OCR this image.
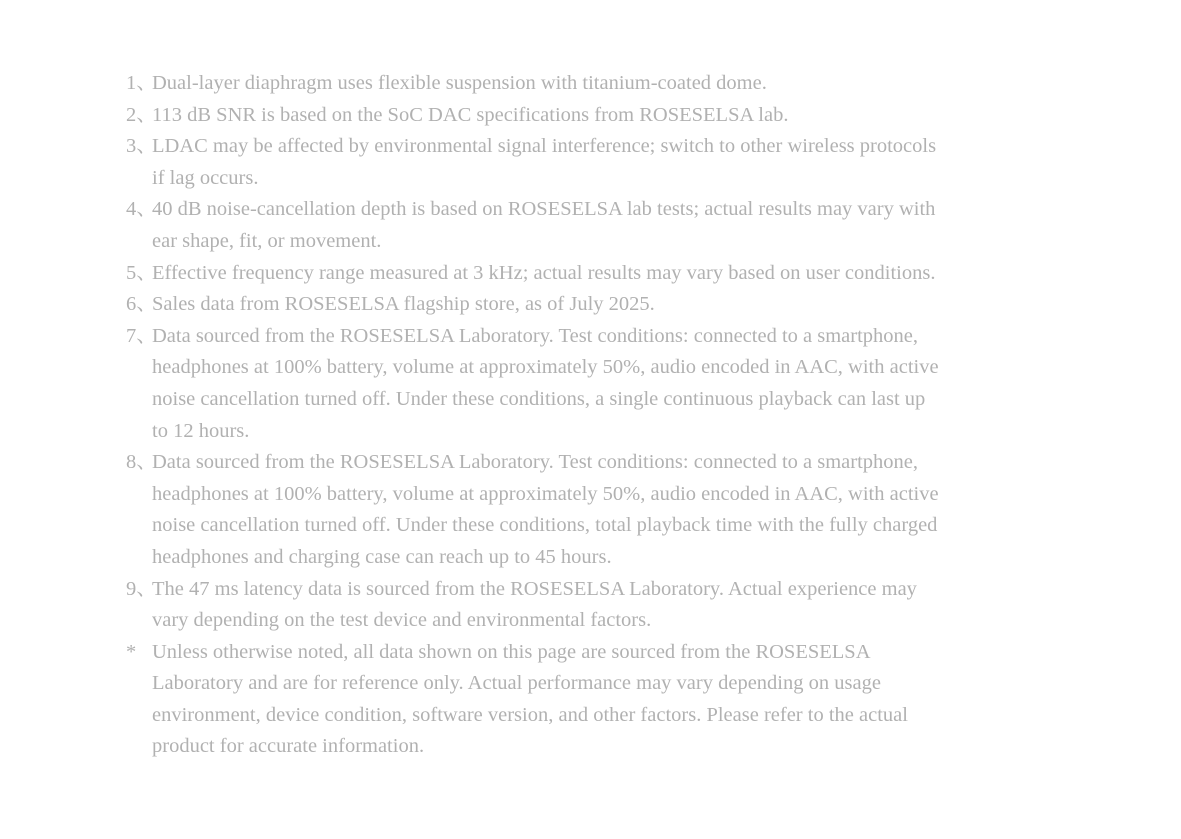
1、
Dual-layer diaphragm uses flexible suspension with titanium-coated dome.
2、
113 dB SNR is based on the SoC DAC specifications from ROSESELSA lab.
3、
LDAC may be affected by environmental signal interference; switch to other wireless protocols if lag occurs.
4、
40 dB noise-cancellation depth is based on ROSESELSA lab tests; actual results may vary with ear shape, fit, or movement.
5、
Effective frequency range measured at 3 kHz; actual results may vary based on user conditions.
6、
Sales data from ROSESELSA flagship store, as of July 2025.
7、
Data sourced from the ROSESELSA Laboratory. Test conditions: connected to a smartphone, headphones at 100% battery, volume at approximately 50%, audio encoded in AAC, with active noise cancellation turned off. Under these conditions, a single continuous playback can last up to 12 hours.
8、
Data sourced from the ROSESELSA Laboratory. Test conditions: connected to a smartphone, headphones at 100% battery, volume at approximately 50%, audio encoded in AAC, with active noise cancellation turned off. Under these conditions, total playback time with the fully charged headphones and charging case can reach up to 45 hours.
9、
The 47 ms latency data is sourced from the ROSESELSA Laboratory. Actual experience may vary depending on the test device and environmental factors.
* Unless otherwise noted, all data shown on this page are sourced from the ROSESELSA Laboratory and are for reference only. Actual performance may vary depending on usage environment, device condition, software version, and other factors. Please refer to the actual product for accurate information.
